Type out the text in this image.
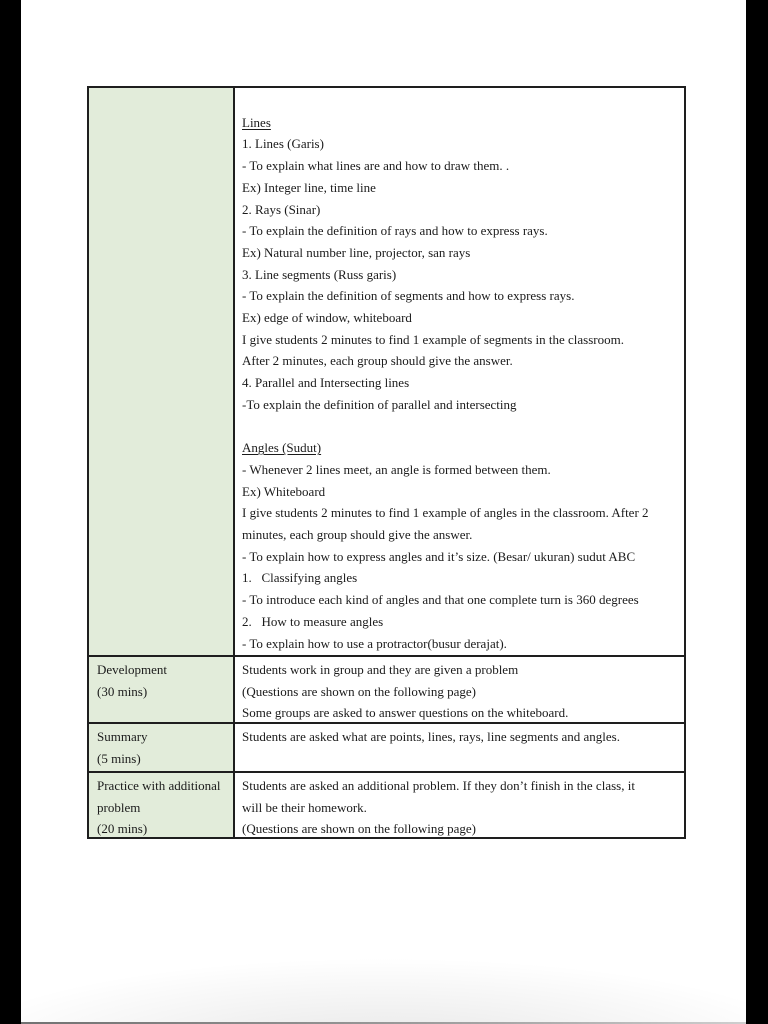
Lines
1. Lines (Garis)
- To explain what lines are and how to draw them. .
Ex) Integer line, time line
2. Rays (Sinar)
- To explain the definition of rays and how to express rays.
Ex) Natural number line, projector, san rays
3. Line segments (Russ garis)
- To explain the definition of segments and how to express rays.
Ex) edge of window, whiteboard
I give students 2 minutes to find 1 example of segments in the classroom.
After 2 minutes, each group should give the answer.
4. Parallel and Intersecting lines
-To explain the definition of parallel and intersecting
Angles (Sudut)
- Whenever 2 lines meet, an angle is formed between them.
Ex) Whiteboard
I give students 2 minutes to find 1 example of angles in the classroom. After 2
minutes, each group should give the answer.
- To explain how to express angles and it’s size. (Besar/ ukuran) sudut ABC
1.   Classifying angles
- To introduce each kind of angles and that one complete turn is 360 degrees
2.   How to measure angles
- To explain how to use a protractor(busur derajat).
Development
(30 mins)
Students work in group and they are given a problem
(Questions are shown on the following page)
Some groups are asked to answer questions on the whiteboard.
Summary
(5 mins)
Students are asked what are points, lines, rays, line segments and angles.
Practice with additional
problem
(20 mins)
Students are asked an additional problem. If they don’t finish in the class, it
will be their homework.
(Questions are shown on the following page)
